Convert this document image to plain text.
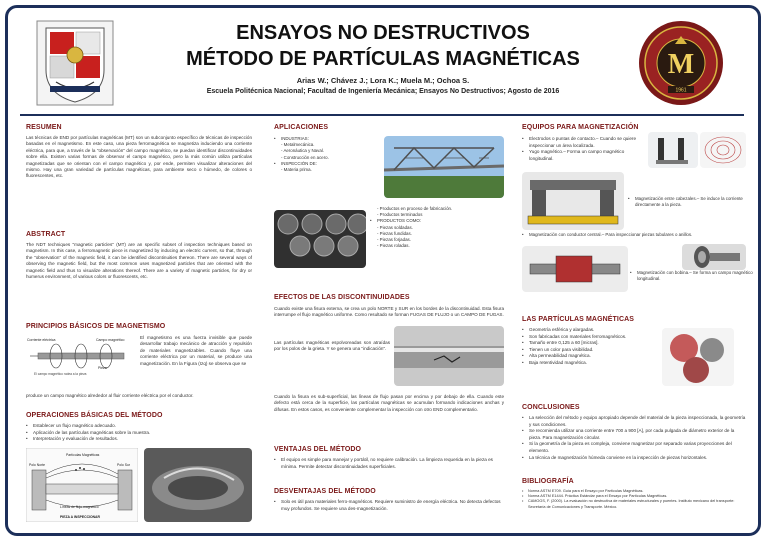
ENSAYOS NO DESTRUCTIVOS
MÉTODO DE PARTÍCULAS MAGNÉTICAS
Arias W.; Chávez J.; Lora K.; Muela M.; Ochoa S.
Escuela Politécnica Nacional; Facultad de Ingeniería Mecánica; Ensayos No Destructivos; Agosto de 2016
M
1961
RESUMEN

Las técnicas de END por partículas magnéticas (MT) son un subconjunto específico de técnicas de inspección basadas en el magnetismo. En este caso, una pieza ferromagnética se magnetiza induciendo una corriente eléctrica, para que, a través de la "observación" del campo magnético, se puedan identificar discontinuidades sobre ella. Existen varias formas de observar el campo magnético, pero la más común utiliza partículas magnetizadas que se orientan con el campo magnético y, por ende, permiten visualizar alteraciones del mismo. Hay una gran variedad de partículas magnéticas, para ambiente seco o húmedo, de colores o fluorescentes, etc.

ABSTRACT

The NDT techniques "magnetic particles" (MT) are an specific subset of inspection techniques based on magnetism. In this case, a ferromagnetic piece is magnetized by inducing an electric current, so that, through the "observation" of the magnetic field, it can be identified discontinuities thereon. There are several ways of observing the magnetic field, but the most common uses magnetized particles that are oriented with the magnetic field and thus to visualize alterations thereof. There are a variety of magnetic particles, for dry or humerus environment, of various colors or fluorescents, etc.

PRINCIPIOS BÁSICOS DE MAGNETISMO
Corriente eléctrica	Campo magnético
Pieza
El campo magnético rodea a la pieza

El magnetismo es una fuerza invisible que puede desarrollar trabajo mecánico de atracción y repulsión de materiales magnetizables. Cuando fluye una corriente eléctrica por un material, se produce una magnetización. En la Figura (Izq) se observa que se

produce un campo magnético alrededor al fluir corriente eléctrica por el conductor.

OPERACIONES BÁSICAS DEL MÉTODO
• Establecer un flujo magnético adecuado.
• Aplicación de las partículas magnéticas sobre la muestra.
• Interpretación y evaluación de resultados.
Partículas Magnéticas
Polo Norte	Polo Sur
Líneas de flujo magnético
PIEZA A INSPECCIONAR
APLICACIONES
• INDUSTRIAS:
- Metalmecánica.
- Aeronáutica y Naval.
- Construcción en acero.
• INSPECCIÓN DE:
- Materia prima.
- Productos en proceso de fabricación.
- Productos terminados
• PRODUCTOS COMO:
- Piezas soldadas.
- Piezas fundidas.
- Piezas forjadas.
- Piezas roladas.
EFECTOS DE LAS DISCONTINUIDADES

Cuando existe una fisura externa, se crea un polo NORTE y SUR en los bordes de la discontinuidad. Esta fisura interrumpe el flujo magnético uniforme. Como resultado se forman FUGAS DE FLUJO o un CAMPO DE FUGAS.

Las partículas magnéticas espolvoreadas son atraídas por los polos de la grieta. Y se genera una "indicación".

Cuando la fisura es sub-superficial, las líneas de flujo pasan por encima y por debajo de ella. Cuando este defecto está cerca de la superficie, las partículas magnéticas se acumulan formando indicaciones anchas y difusas. En estos casos, es conveniente complementar la inspección con otro END complementario.

VENTAJAS DEL MÉTODO
• El equipo es simple para manejar y portátil, no requiere calibración. La limpieza requerida en la pieza es mínima. Permite detectar discontinuidades superficiales.
DESVENTAJAS DEL MÉTODO
• Solo es útil para materiales ferro-magnéticos. Requiere suministro de energía eléctrica. No detecta defectos muy profundos. Se requiere una des-magnetización.
EQUIPOS PARA MAGNETIZACIÓN
• Electrodos o puntas de contacto.– Cuando se quiere inspeccionar un área localizada.
• Yugo magnético.– Forma un campo magnético longitudinal.
• Magnetización entre cabezales.– Se induce la corriente directamente a la pieza.
• Magnetización con conductor central.– Para inspeccionar piezas tubulares o anillos.
• Magnetización con bobina.– Se forma un campo magnético longitudinal.
LAS PARTÍCULAS MAGNÉTICAS
• Geometría esférica y alargadas.
• Son fabricadas con materiales ferromagnéticos.
• Tamaño entre 0,125 a 60 [micras].
• Tienen un color para visibilidad.
• Alta permeabilidad magnética.
• Baja retentividad magnética.
CONCLUSIONES
• La selección del método y equipo apropiado depende del material de la pieza inspeccionada, la geometría y sus condiciones.
• Se recomienda utilizar una corriente entre 700 a 900 [A], por cada pulgada de diámetro exterior de la pieza. Para magnetización circular.
• Si la geometría de la pieza es compleja, conviene magnetizar por separado varias proyecciones del elemento.
• La técnica de magnetización húmeda conviene en la inspección de piezas horizontales.
BIBLIOGRAFÍA
• Norma ASTM E709. Guía para el Ensayo por Partículas Magnéticas.
• Norma ASTM E1444. Práctica Estándar para el Ensayo por Partículas Magnéticas.
• CAMOGS, F. (2000). La evaluación no destructiva de materiales estructurales y puentes. Instituto mexicano del transporte: Secretaría de Comunicaciones y Transporte. México.
